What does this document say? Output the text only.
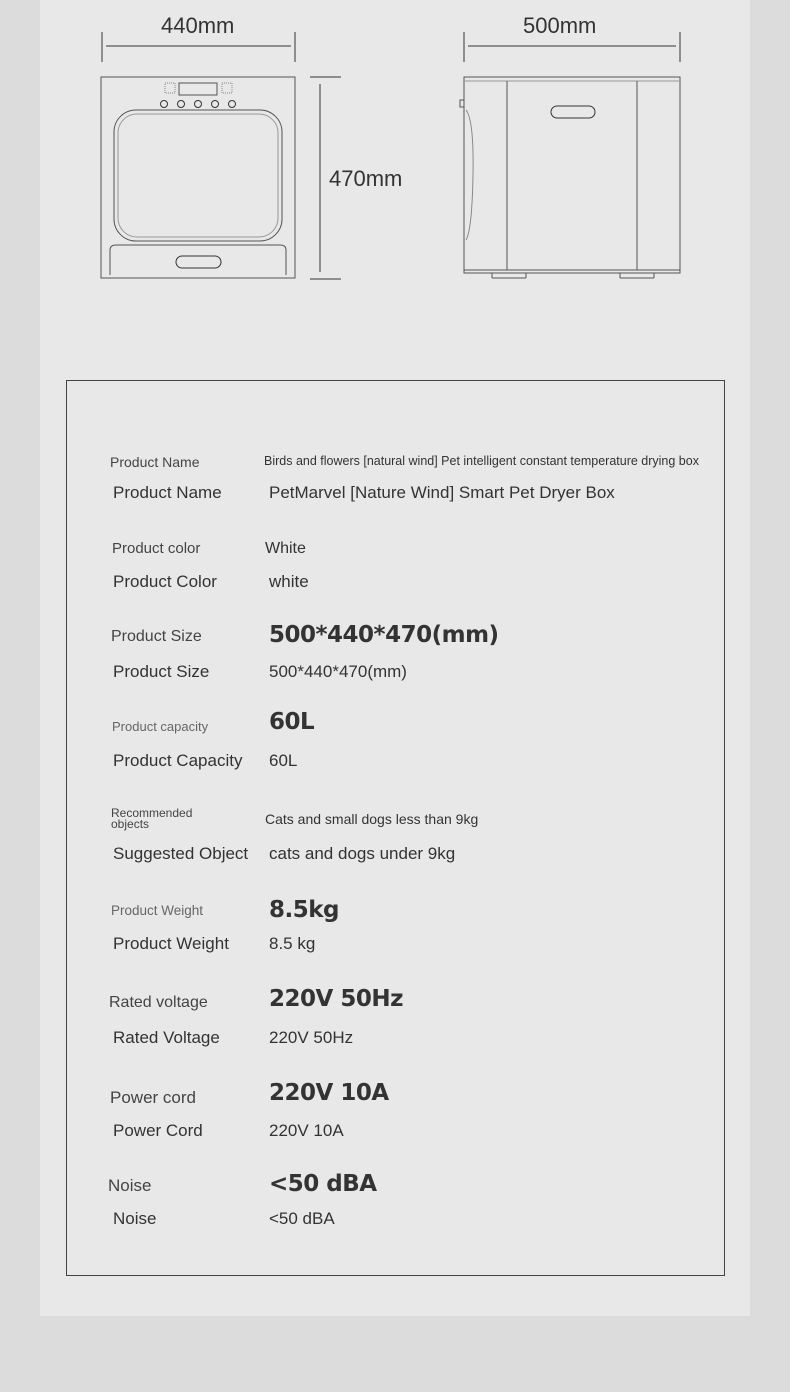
440mm	500mm
470mm
Product Name	Birds and flowers [natural wind] Pet intelligent constant temperature drying box
Product Name	PetMarvel [Nature Wind] Smart Pet Dryer Box
Product color	White
Product Color	white
Product Size	500*440*470(mm)
Product Size	500*440*470(mm)
Product capacity	60L
Product Capacity 60L
Recommended
objects	Cats and small dogs less than 9kg
Suggested Object cats and dogs under 9kg
Product Weight	8.5kg
Product Weight 8.5 kg
Rated voltage	220V 50Hz
Rated Voltage	220V 50Hz
Power cord	220V 10A
Power Cord	220V 10A
Noise	<50 dBA
Noise	<50 dBA
